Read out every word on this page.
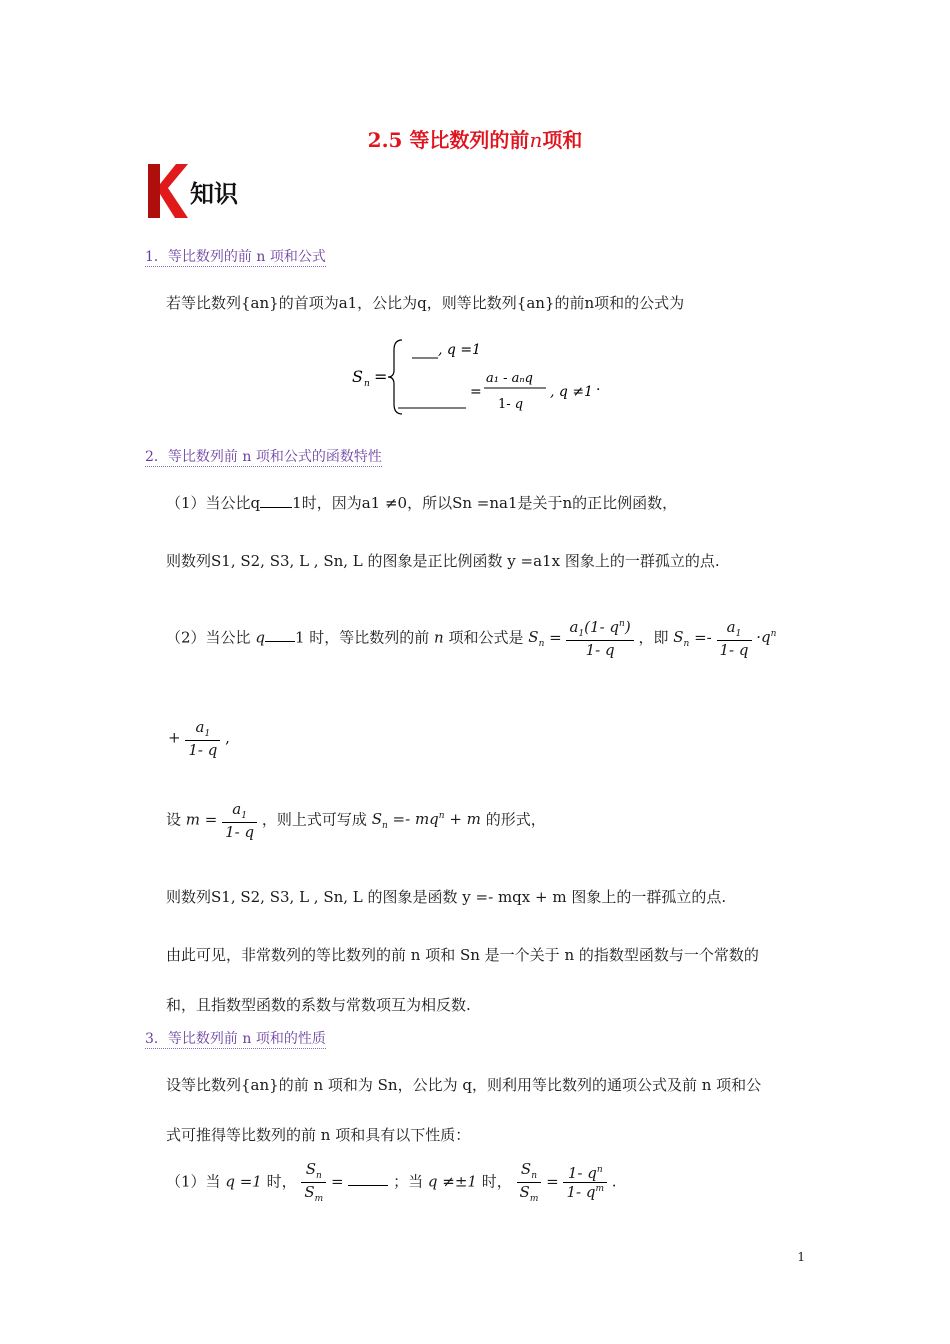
2.5 等比数列的前n项和
知识
1．等比数列的前 n 项和公式
若等比数列{an}的首项为a1，公比为q，则等比数列{an}的前n项和的公式为
S n =
, q =1
=
a₁ - aₙq
1- q
, q ≠1 .
2．等比数列前 n 项和公式的函数特性
（1）当公比q 1时，因为a1 ≠0，所以Sn =na1是关于n的正比例函数，
则数列S1, S2, S3, L , Sn, L 的图象是正比例函数 y =a1x 图象上的一群孤立的点.
（2）当公比 q 1 时，等比数列的前 n 项和公式是 $S_n = \frac{a_1(1- q^n)}{1- q}$ ，即 $S_n =- \frac{a_1}{1- q} \cdot q^n$
+ $\frac{a_1}{1- q}$ ,
设 $m = \frac{a_1}{1- q}$ ，则上式可写成 $S_n =- mq^n + m$ 的形式，
则数列S1, S2, S3, L , Sn, L 的图象是函数 y =- mqx + m 图象上的一群孤立的点.
由此可见，非常数列的等比数列的前 n 项和 Sn 是一个关于 n 的指数型函数与一个常数的
和，且指数型函数的系数与常数项互为相反数.
3．等比数列前 n 项和的性质
设等比数列{an}的前 n 项和为 Sn，公比为 q，则利用等比数列的通项公式及前 n 项和公
式可推得等比数列的前 n 项和具有以下性质：
（1）当 q =1 时， $\frac{S_n}{S_m}$ =	；当 q ≠±1 时， $\frac{S_n}{S_m} = \frac{1- q^n}{1- q^m}$ .
1
